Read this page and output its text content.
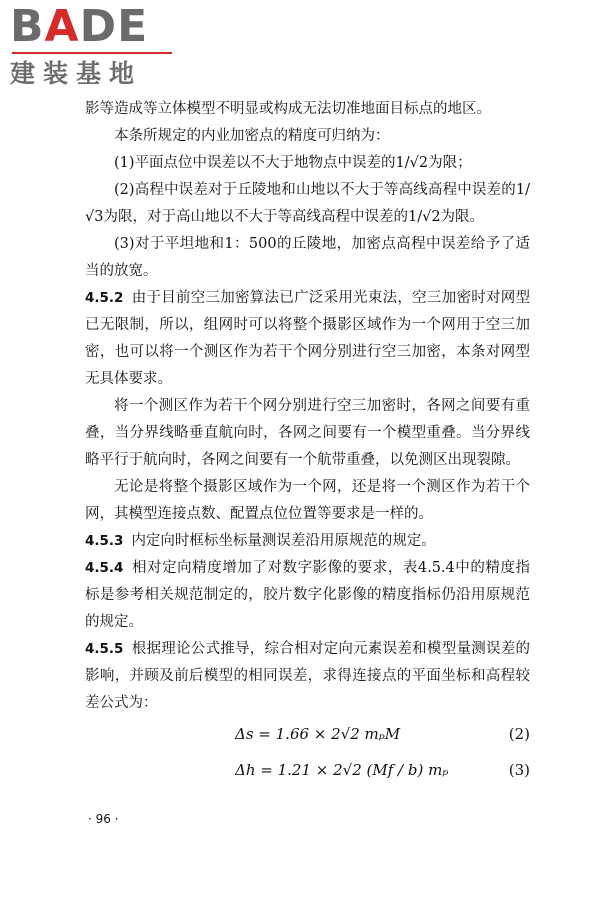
BADE
建装基地

影等造成等立体模型不明显或构成无法切准地面目标点的地区。

本条所规定的内业加密点的精度可归纳为：

(1)平面点位中误差以不大于地物点中误差的1/√2为限；

(2)高程中误差对于丘陵地和山地以不大于等高线高程中误差的1/√3为限，对于高山地以不大于等高线高程中误差的1/√2为限。

(3)对于平坦地和1：500的丘陵地，加密点高程中误差给予了适当的放宽。

4.5.2 由于目前空三加密算法已广泛采用光束法，空三加密时对网型已无限制，所以，组网时可以将整个摄影区域作为一个网用于空三加密，也可以将一个测区作为若干个网分别进行空三加密，本条对网型无具体要求。

将一个测区作为若干个网分别进行空三加密时，各网之间要有重叠，当分界线略垂直航向时，各网之间要有一个模型重叠。当分界线略平行于航向时，各网之间要有一个航带重叠，以免测区出现裂隙。

无论是将整个摄影区域作为一个网，还是将一个测区作为若干个网，其模型连接点数、配置点位位置等要求是一样的。

4.5.3 内定向时框标坐标量测误差沿用原规范的规定。

4.5.4 相对定向精度增加了对数字影像的要求，表4.5.4中的精度指标是参考相关规范制定的，胶片数字化影像的精度指标仍沿用原规范的规定。

4.5.5 根据理论公式推导，综合相对定向元素误差和模型量测误差的影响，并顾及前后模型的相同误差，求得连接点的平面坐标和高程较差公式为：

Δs = 1.66 × 2√2 mₚM	(2)
Δh = 1.21 × 2√2 (Mf / b) mₚ	(3)
· 96 ·
